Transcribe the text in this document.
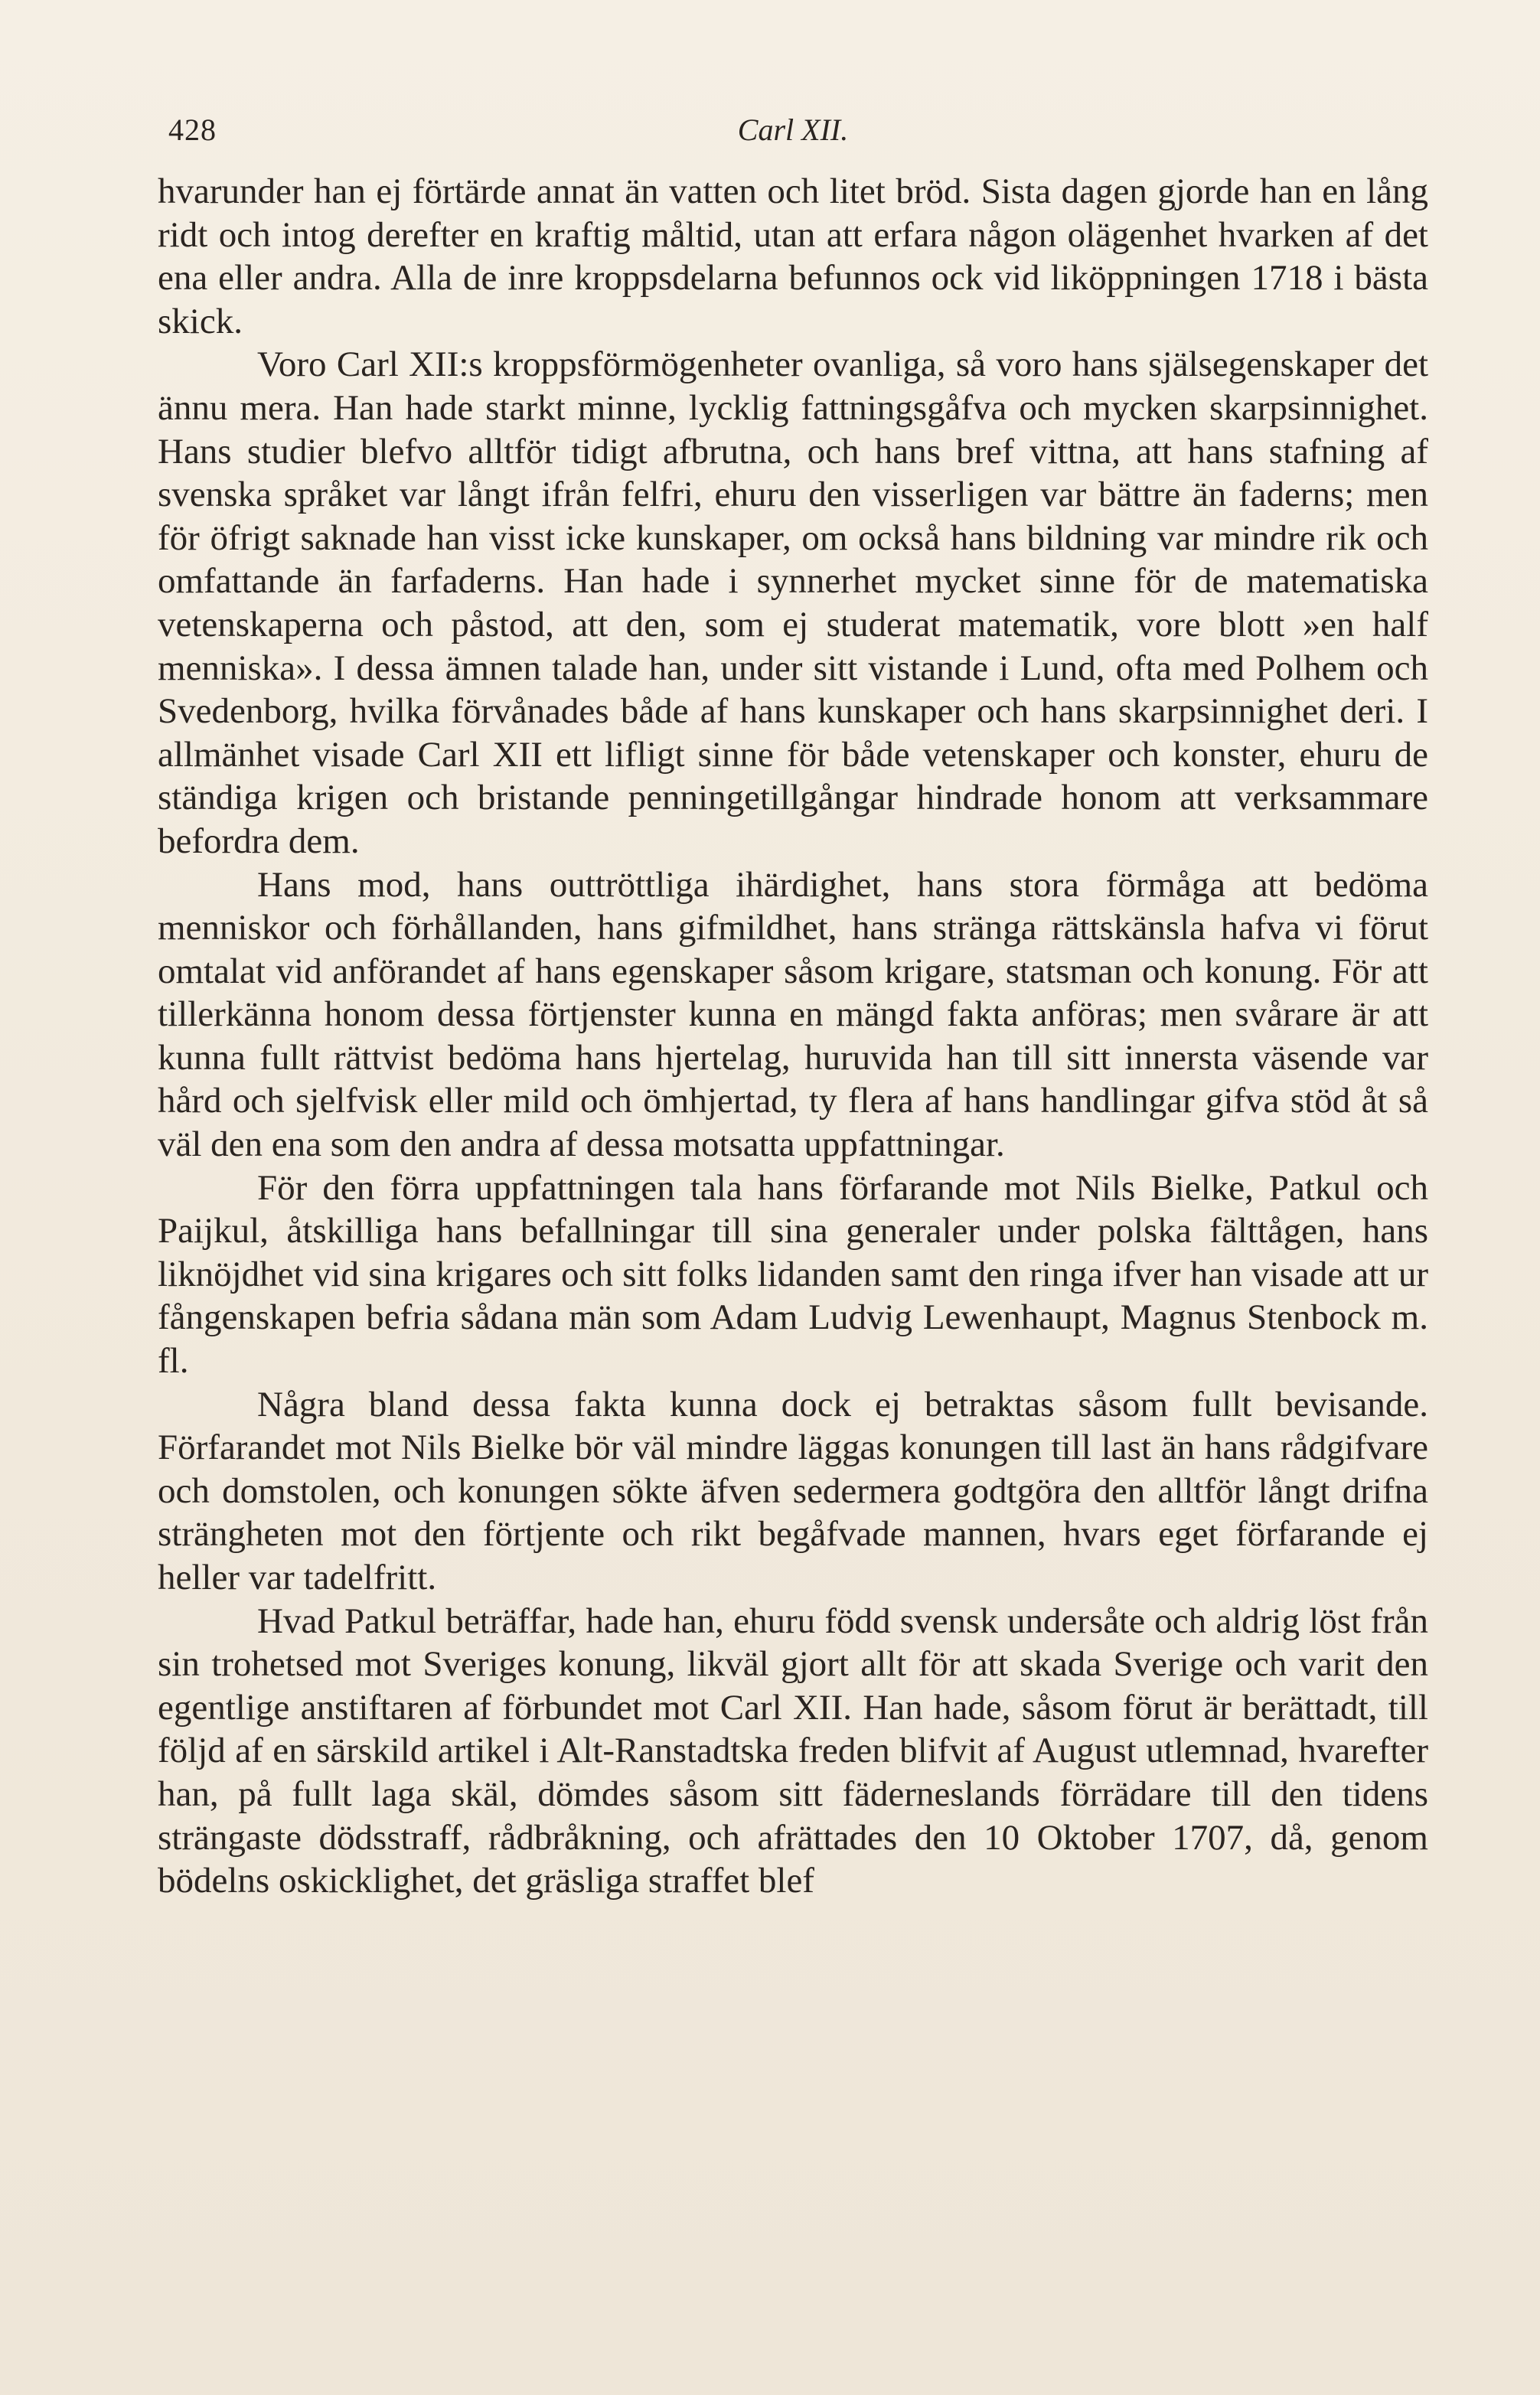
428	Carl XII.

hvarunder han ej förtärde annat än vatten och litet bröd. Sista dagen gjorde han en lång ridt och intog derefter en kraftig måltid, utan att erfara någon olägenhet hvarken af det ena eller andra. Alla de inre kroppsdelarna befunnos ock vid liköppningen 1718 i bästa skick.

Voro Carl XII:s kroppsförmögenheter ovanliga, så voro hans själsegenskaper det ännu mera. Han hade starkt minne, lycklig fattningsgåfva och mycken skarpsinnighet. Hans studier blefvo alltför tidigt afbrutna, och hans bref vittna, att hans stafning af svenska språket var långt ifrån felfri, ehuru den visserligen var bättre än faderns; men för öfrigt saknade han visst icke kunskaper, om också hans bildning var mindre rik och omfattande än farfaderns. Han hade i synnerhet mycket sinne för de matematiska vetenskaperna och påstod, att den, som ej studerat matematik, vore blott »en half menniska». I dessa ämnen talade han, under sitt vistande i Lund, ofta med Polhem och Svedenborg, hvilka förvånades både af hans kunskaper och hans skarpsinnighet deri. I allmänhet visade Carl XII ett lifligt sinne för både vetenskaper och konster, ehuru de ständiga krigen och bristande penningetillgångar hindrade honom att verksammare befordra dem.

Hans mod, hans outtröttliga ihärdighet, hans stora förmåga att bedöma menniskor och förhållanden, hans gifmildhet, hans stränga rättskänsla hafva vi förut omtalat vid anförandet af hans egenskaper såsom krigare, statsman och konung. För att tillerkänna honom dessa förtjenster kunna en mängd fakta anföras; men svårare är att kunna fullt rättvist bedöma hans hjertelag, huruvida han till sitt innersta väsende var hård och sjelfvisk eller mild och ömhjertad, ty flera af hans handlingar gifva stöd åt så väl den ena som den andra af dessa motsatta uppfattningar.

För den förra uppfattningen tala hans förfarande mot Nils Bielke, Patkul och Paijkul, åtskilliga hans befallningar till sina generaler under polska fälttågen, hans liknöjdhet vid sina krigares och sitt folks lidanden samt den ringa ifver han visade att ur fångenskapen befria sådana män som Adam Ludvig Lewenhaupt, Magnus Stenbock m. fl.

Några bland dessa fakta kunna dock ej betraktas såsom fullt bevisande. Förfarandet mot Nils Bielke bör väl mindre läggas konungen till last än hans rådgifvare och domstolen, och konungen sökte äfven sedermera godtgöra den alltför långt drifna strängheten mot den förtjente och rikt begåfvade mannen, hvars eget förfarande ej heller var tadelfritt.

Hvad Patkul beträffar, hade han, ehuru född svensk undersåte och aldrig löst från sin trohetsed mot Sveriges konung, likväl gjort allt för att skada Sverige och varit den egentlige anstiftaren af förbundet mot Carl XII. Han hade, såsom förut är berättadt, till följd af en särskild artikel i Alt-Ranstadtska freden blifvit af August utlemnad, hvarefter han, på fullt laga skäl, dömdes såsom sitt fäderneslands förrädare till den tidens strängaste dödsstraff, rådbråkning, och afrättades den 10 Oktober 1707, då, genom bödelns oskicklighet, det gräsliga straffet blef
